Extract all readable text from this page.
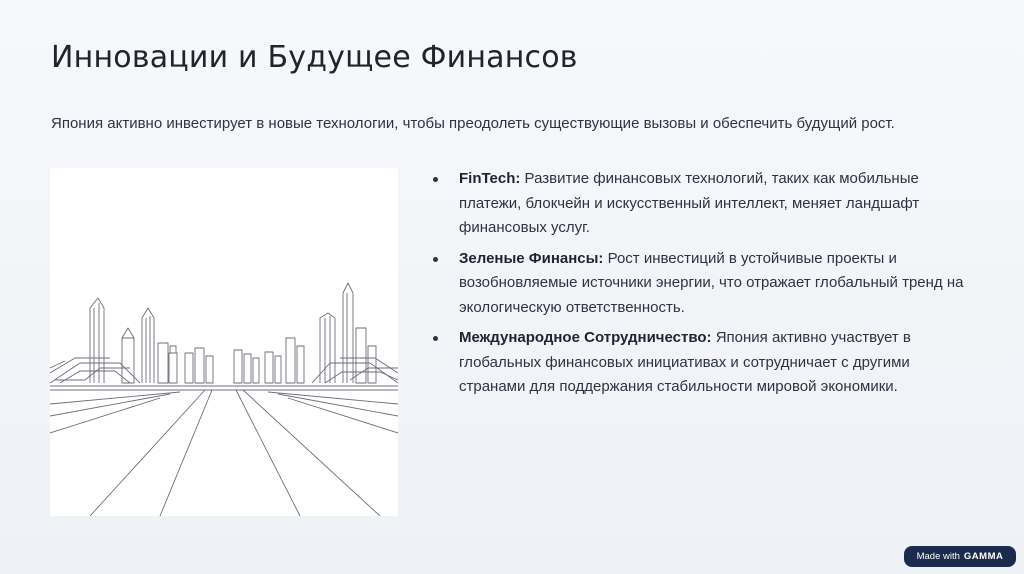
Инновации и Будущее Финансов

Япония активно инвестирует в новые технологии, чтобы преодолеть существующие вызовы и обеспечить будущий рост.

FinTech: Развитие финансовых технологий, таких как мобильные платежи, блокчейн и искусственный интеллект, меняет ландшафт финансовых услуг.
Зеленые Финансы: Рост инвестиций в устойчивые проекты и возобновляемые источники энергии, что отражает глобальный тренд на экологическую ответственность.
Международное Сотрудничество: Япония активно участвует в глобальных финансовых инициативах и сотрудничает с другими странами для поддержания стабильности мировой экономики.
Made with GAMMA
